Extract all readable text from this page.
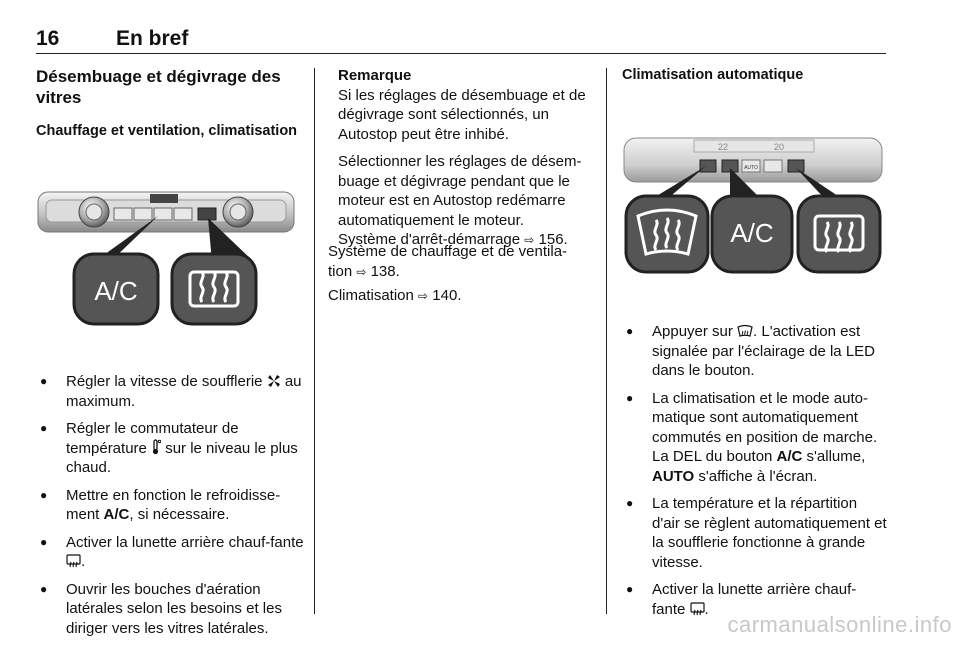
16	En bref
Désembuage et dégivrage des vitres
Chauffage et ventilation, climatisation
A/C
● Régler la vitesse de soufflerie  au maximum.
● Régler le commutateur de température  sur le niveau le plus chaud.
● Mettre en fonction le refroidisse-ment A/C, si nécessaire.
● Activer la lunette arrière chauf-fante .
● Ouvrir les bouches d'aération latérales selon les besoins et les diriger vers les vitres latérales.
Remarque
Si les réglages de désembuage et de dégivrage sont sélectionnés, un Autostop peut être inhibé.
Sélectionner les réglages de désem-buage et dégivrage pendant que le moteur est en Autostop redémarre automatiquement le moteur.
Système d'arrêt-démarrage ⇨ 156.
Système de chauffage et de ventila-tion ⇨ 138.
Climatisation ⇨ 140.
Climatisation automatique
22	20
AUTO
A/C
● Appuyer sur . L'activation est signalée par l'éclairage de la LED dans le bouton.
● La climatisation et le mode auto-matique sont automatiquement commutés en position de marche. La DEL du bouton A/C s'allume, AUTO s'affiche à l'écran.
● La température et la répartition d'air se règlent automatiquement et la soufflerie fonctionne à grande vitesse.
● Activer la lunette arrière chauf-fante .
carmanualsonline.info
